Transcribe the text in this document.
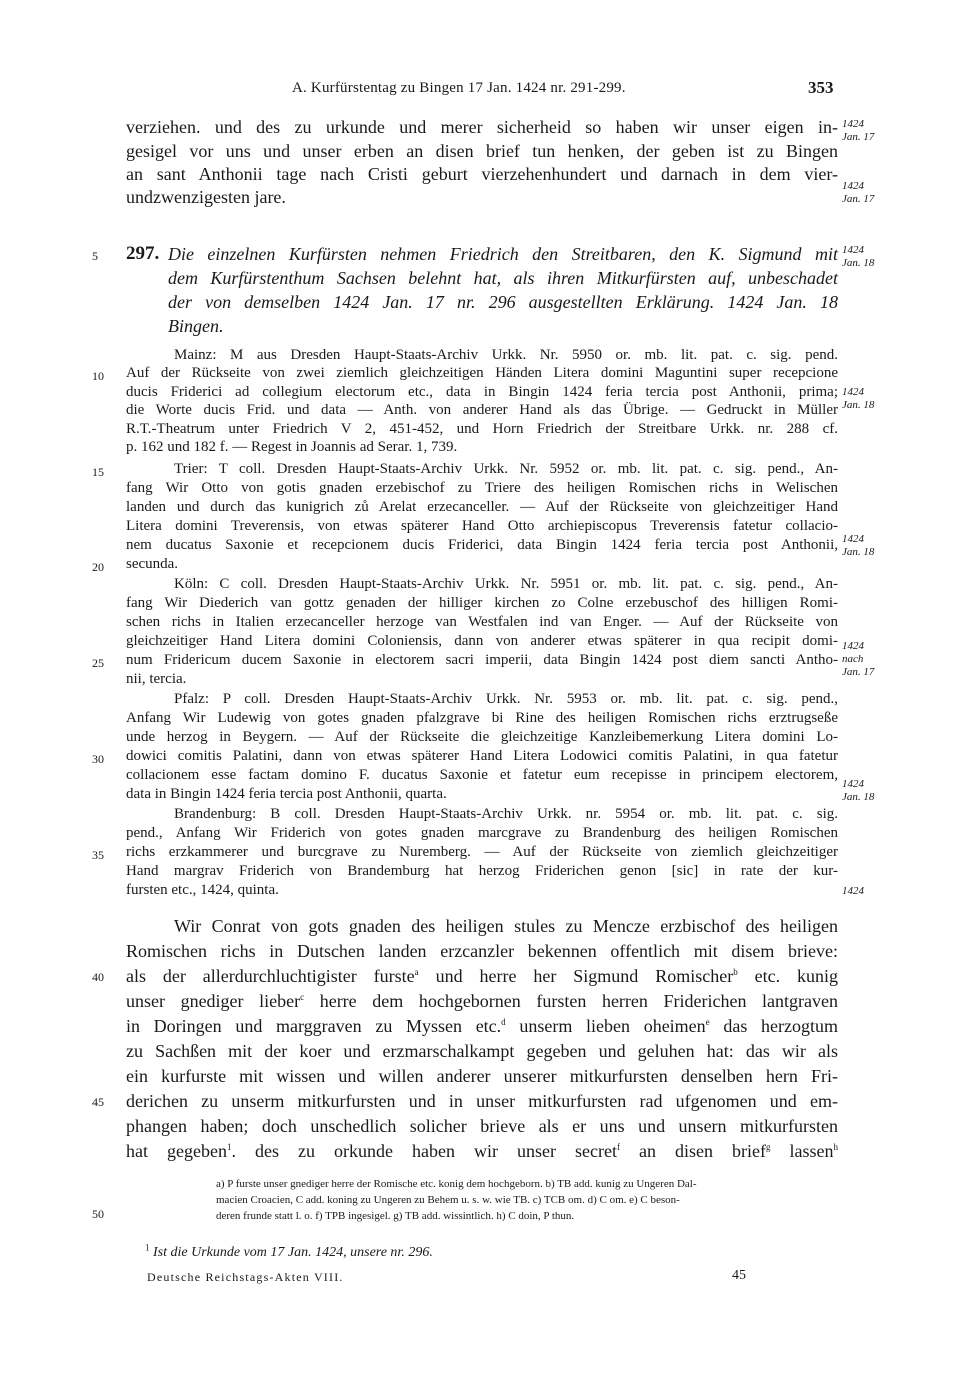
A. Kurfürstentag zu Bingen 17 Jan. 1424 nr. 291-299.	353
verziehen. und des zu urkunde und merer sicherheid so haben wir unser eigen in-
gesigel vor uns und unser erben an disen brief tun henken, der geben ist zu Bingen
an sant Anthonii tage nach Cristi geburt vierzehenhundert und darnach in dem vier-
undzwenzigesten jare.
297. Die einzelnen Kurfürsten nehmen Friedrich den Streitbaren, den K. Sigmund mit
dem Kurfürstenthum Sachsen belehnt hat, als ihren Mitkurfürsten auf, unbeschadet
der von demselben 1424 Jan. 17 nr. 296 ausgestellten Erklärung. 1424 Jan. 18
Bingen.
Mainz: M aus Dresden Haupt-Staats-Archiv Urkk. Nr. 5950 or. mb. lit. pat. c. sig. pend.
Auf der Rückseite von zwei ziemlich gleichzeitigen Händen Litera domini Maguntini super recepcione
ducis Friderici ad collegium electorum etc., data in Bingin 1424 feria tercia post Anthonii, prima;
die Worte ducis Frid. und data — Anth. von anderer Hand als das Übrige. — Gedruckt in Müller
R.T.-Theatrum unter Friedrich V 2, 451-452, und Horn Friedrich der Streitbare Urkk. nr. 288 cf.
p. 162 und 182 f. — Regest in Joannis ad Serar. 1, 739.
Trier: T coll. Dresden Haupt-Staats-Archiv Urkk. Nr. 5952 or. mb. lit. pat. c. sig. pend., An-
fang Wir Otto von gotis gnaden erzebischof zu Triere des heiligen Romischen richs in Welischen
landen und durch das kunigrich zů Arelat erzecanceller. — Auf der Rückseite von gleichzeitiger Hand
Litera domini Treverensis, von etwas späterer Hand Otto archiepiscopus Treverensis fatetur collacio-
nem ducatus Saxonie et recepcionem ducis Friderici, data Bingin 1424 feria tercia post Anthonii,
secunda.
Köln: C coll. Dresden Haupt-Staats-Archiv Urkk. Nr. 5951 or. mb. lit. pat. c. sig. pend., An-
fang Wir Diederich van gottz genaden der hilliger kirchen zo Colne erzebuschof des hilligen Romi-
schen richs in Italien erzecanceller herzoge van Westfalen ind van Enger. — Auf der Rückseite von
gleichzeitiger Hand Litera domini Coloniensis, dann von anderer etwas späterer in qua recipit domi-
num Fridericum ducem Saxonie in electorem sacri imperii, data Bingin 1424 post diem sancti Antho-
nii, tercia.
Pfalz: P coll. Dresden Haupt-Staats-Archiv Urkk. Nr. 5953 or. mb. lit. pat. c. sig. pend.,
Anfang Wir Ludewig von gotes gnaden pfalzgrave bi Rine des heiligen Romischen richs erztrugseße
unde herzog in Beygern. — Auf der Rückseite die gleichzeitige Kanzleibemerkung Litera domini Lo-
dowici comitis Palatini, dann von etwas späterer Hand Litera Lodowici comitis Palatini, in qua fatetur
collacionem esse factam domino F. ducatus Saxonie et fatetur eum recepisse in principem electorem,
data in Bingin 1424 feria tercia post Anthonii, quarta.
Brandenburg: B coll. Dresden Haupt-Staats-Archiv Urkk. nr. 5954 or. mb. lit. pat. c. sig.
pend., Anfang Wir Friderich von gotes gnaden marcgrave zu Brandenburg des heiligen Romischen
richs erzkammerer und burcgrave zu Nuremberg. — Auf der Rückseite von ziemlich gleichzeitiger
Hand margrav Friderich von Brandemburg hat herzog Friderichen genon [sic] in rate der kur-
fursten etc., 1424, quinta.
Wir Conrat von gots gnaden des heiligen stules zu Mencze erzbischof des heiligen
Romischen richs in Dutschen landen erzcanzler bekennen offentlich mit disem brieve:
als der allerdurchluchtigister furste$^a$ und herre her Sigmund Romischer$^b$ etc. kunig
unser gnediger lieber$^c$ herre dem hochgebornen fursten herren Friderichen lantgraven
in Doringen und marggraven zu Myssen etc.$^d$ unserm lieben oheimen$^e$ das herzogtum
zu Sachßen mit der koer und erzmarschalkampt gegeben und geluhen hat: das wir als
ein kurfurste mit wissen und willen anderer unserer mitkurfursten denselben hern Fri-
derichen zu unserm mitkurfursten und in unser mitkurfursten rad ufgenomen und em-
phangen haben; doch unschedlich solicher brieve als er uns und unsern mitkurfursten
hat gegeben$^1$. des zu orkunde haben wir unser secret$^f$ an disen brief$^g$ lassen$^h$
5
10
15
20
25
30
35
40
45
50
1424
Jan. 17
1424
Jan. 17
1424
Jan. 18
1424
Jan. 18
1424
Jan. 18
1424
nach
Jan. 17
1424
Jan. 18
1424
a) P furste unser gnediger herre der Romische etc. konig dem hochgeborn. b) TB add. kunig zu Ungeren Dal-
macien Croacien, C add. koning zu Ungeren zu Behem u. s. w. wie TB. c) TCB om. d) C om. e) C beson-
deren frunde statt l. o. f) TPB ingesigel. g) TB add. wissintlich. h) C doin, P thun.
$^1$ Ist die Urkunde vom 17 Jan. 1424, unsere nr. 296.
Deutsche Reichstags-Akten VIII.	45
